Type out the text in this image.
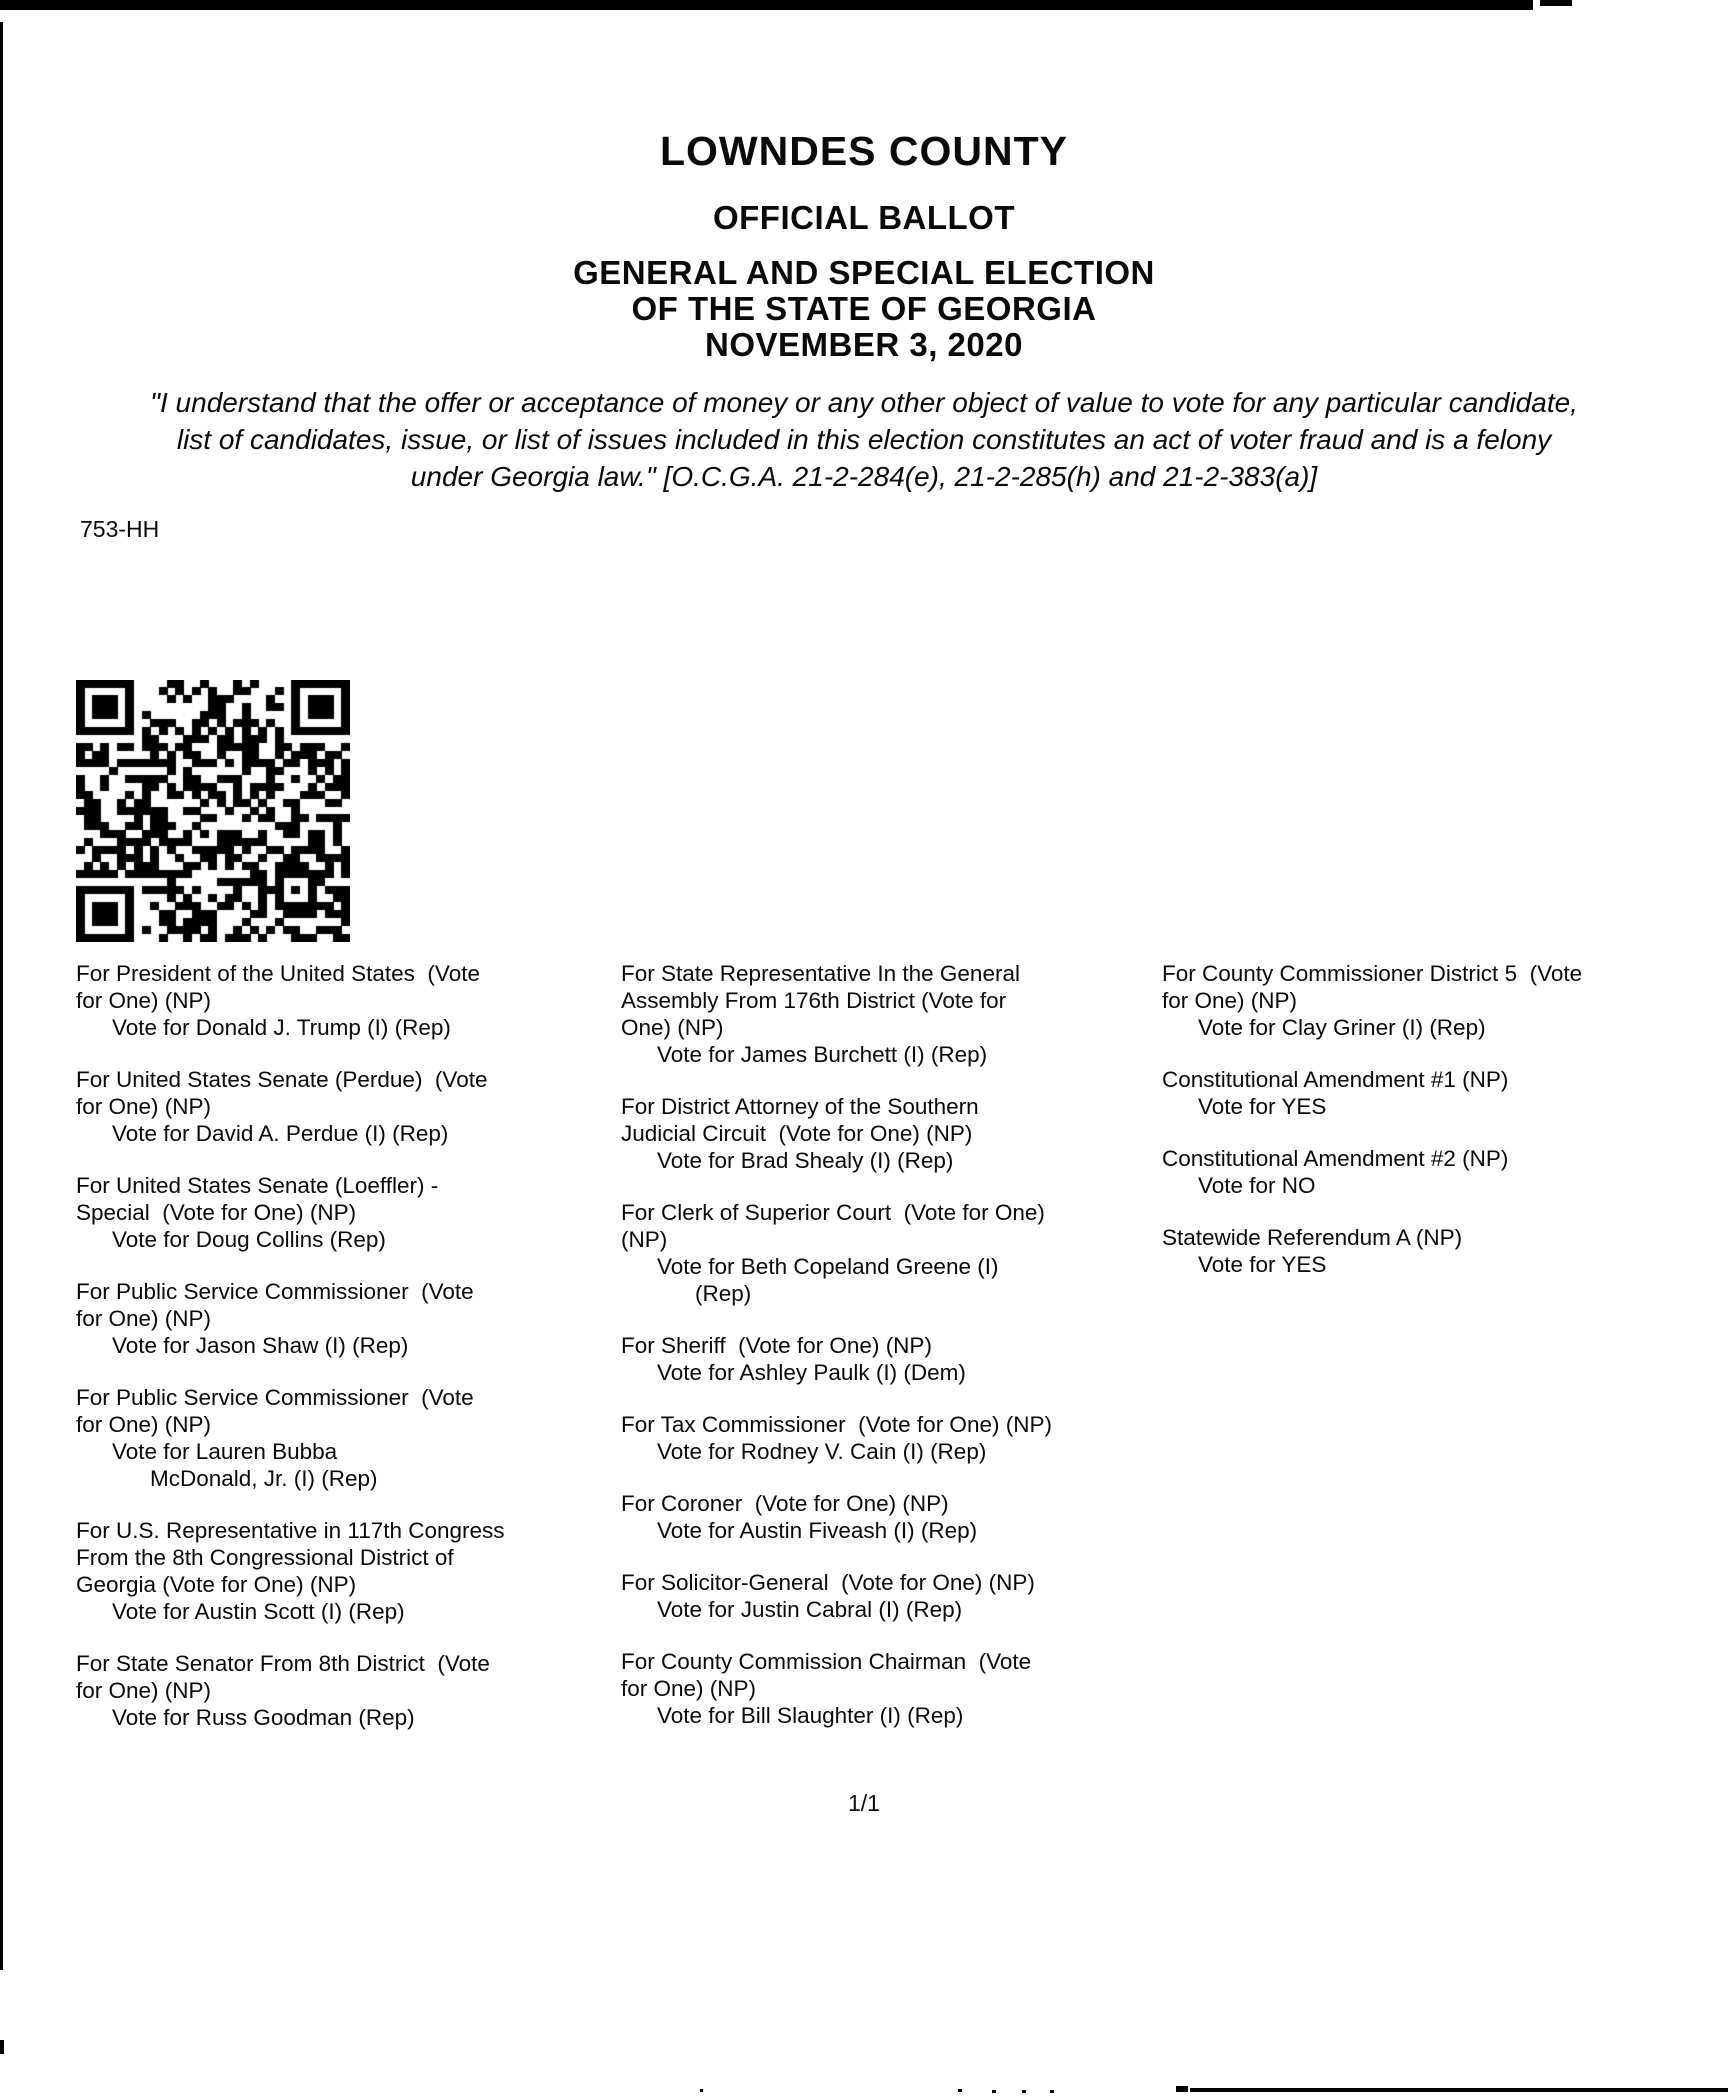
LOWNDES COUNTY
OFFICIAL BALLOT
GENERAL AND SPECIAL ELECTION
OF THE STATE OF GEORGIA
NOVEMBER 3, 2020
"I understand that the offer or acceptance of money or any other object of value to vote for any particular candidate,
list of candidates, issue, or list of issues included in this election constitutes an act of voter fraud and is a felony
under Georgia law." [O.C.G.A. 21-2-284(e), 21-2-285(h) and 21-2-383(a)]
753-HH
For President of the United States  (Vote
for One) (NP)
Vote for Donald J. Trump (I) (Rep)
For United States Senate (Perdue)  (Vote
for One) (NP)
Vote for David A. Perdue (I) (Rep)
For United States Senate (Loeffler) -
Special  (Vote for One) (NP)
Vote for Doug Collins (Rep)
For Public Service Commissioner  (Vote
for One) (NP)
Vote for Jason Shaw (I) (Rep)
For Public Service Commissioner  (Vote
for One) (NP)
Vote for Lauren Bubba
McDonald, Jr. (I) (Rep)
For U.S. Representative in 117th Congress
From the 8th Congressional District of
Georgia (Vote for One) (NP)
Vote for Austin Scott (I) (Rep)
For State Senator From 8th District  (Vote
for One) (NP)
Vote for Russ Goodman (Rep)
For State Representative In the General
Assembly From 176th District (Vote for
One) (NP)
Vote for James Burchett (I) (Rep)
For District Attorney of the Southern
Judicial Circuit  (Vote for One) (NP)
Vote for Brad Shealy (I) (Rep)
For Clerk of Superior Court  (Vote for One)
(NP)
Vote for Beth Copeland Greene (I)
(Rep)
For Sheriff  (Vote for One) (NP)
Vote for Ashley Paulk (I) (Dem)
For Tax Commissioner  (Vote for One) (NP)
Vote for Rodney V. Cain (I) (Rep)
For Coroner  (Vote for One) (NP)
Vote for Austin Fiveash (I) (Rep)
For Solicitor-General  (Vote for One) (NP)
Vote for Justin Cabral (I) (Rep)
For County Commission Chairman  (Vote
for One) (NP)
Vote for Bill Slaughter (I) (Rep)
For County Commissioner District 5  (Vote
for One) (NP)
Vote for Clay Griner (I) (Rep)
Constitutional Amendment #1 (NP)
Vote for YES
Constitutional Amendment #2 (NP)
Vote for NO
Statewide Referendum A (NP)
Vote for YES
1/1
